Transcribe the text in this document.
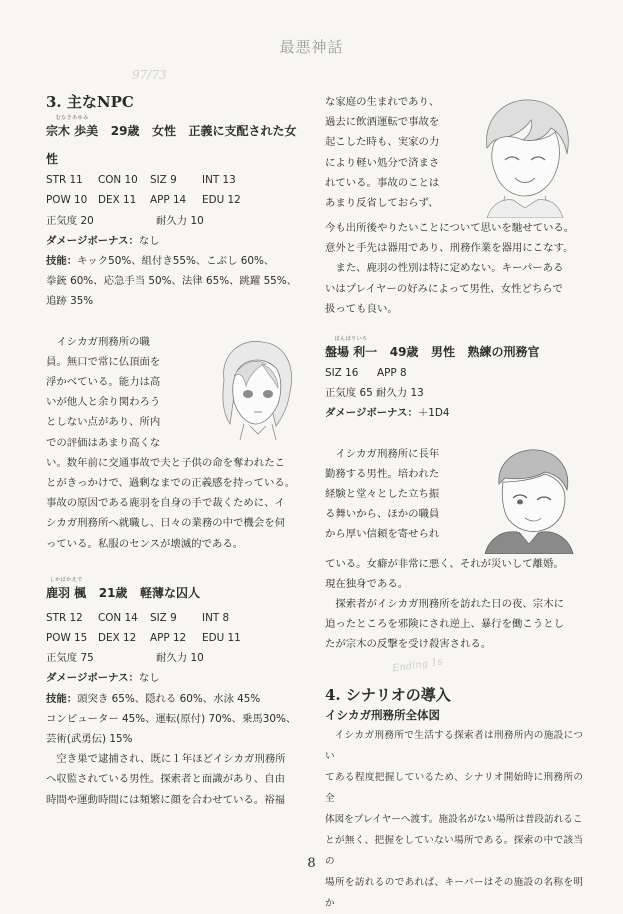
最悪神話
97/73
Ending 1s
3. 主なNPC

むなきあゆみ
宗木 歩美 29歳 女性 正義に支配された女

性

STR 11	CON 10	SIZ 9	INT 13
POW 10	DEX 11	APP 14	EDU 12
正気度 20	耐久力 10

ダメージボーナス：なし

技能：キック50%、組付き55%、こぶし 60%、

拳銃 60%、応急手当 50%、法律 65%、跳躍 55%、

追跡 35%

イシカガ刑務所の職

員。無口で常に仏頂面を

浮かべている。能力は高

いが他人と余り関わろう

としない点があり、所内

での評価はあまり高くな

い。数年前に交通事故で夫と子供の命を奪われたこ

とがきっかけで、過剰なまでの正義感を持っている。

事故の原因である鹿羽を自身の手で裁くために、イ

シカガ刑務所へ就職し、日々の業務の中で機会を伺

っている。私服のセンスが壊滅的である。

しかばかえで
鹿羽 楓 21歳 軽薄な囚人

STR 12	CON 14	SIZ 9	INT 8
POW 15	DEX 12	APP 12	EDU 11
正気度 75	耐久力 10

ダメージボーナス：なし

技能：頭突き 65%、隠れる 60%、水泳 45%

コンピューター 45%、運転(原付) 70%、乗馬30%、

芸術(武勇伝) 15%

空き巣で逮捕され、既に１年ほどイシカガ刑務所

へ収監されている男性。探索者と面識があり、自由

時間や運動時間には頻繁に顔を合わせている。裕福

な家庭の生まれであり、

過去に飲酒運転で事故を

起こした時も、実家の力

により軽い処分で済まさ

れている。事故のことは

あまり反省しておらず、

今も出所後やりたいことについて思いを馳せている。

意外と手先は器用であり、刑務作業を器用にこなす。

また、鹿羽の性別は特に定めない。キーパーある

いはプレイヤーの好みによって男性、女性どちらで

扱っても良い。

ばんばりいち
盤場 利一 49歳 男性 熟練の刑務官

SIZ 16	APP 8

正気度 65 耐久力 13

ダメージボーナス：＋1D4

イシカガ刑務所に長年

勤務する男性。培われた

経験と堂々とした立ち振

る舞いから、ほかの職員

から厚い信頼を寄せられ

ている。女癖が非常に悪く、それが災いして離婚。

現在独身である。

探索者がイシカガ刑務所を訪れた日の夜、宗木に

迫ったところを邪険にされ逆上、暴行を働こうとし

たが宗木の反撃を受け殺害される。

4. シナリオの導入

イシカガ刑務所全体図

イシカガ刑務所で生活する探索者は刑務所内の施設につい

てある程度把握しているため、シナリオ開始時に刑務所の全

体図をプレイヤーへ渡す。施設名がない場所は普段訪れるこ

とが無く、把握をしていない場所である。探索の中で該当の

場所を訪れるのであれば、キーパーはその施設の名称を明か

8
